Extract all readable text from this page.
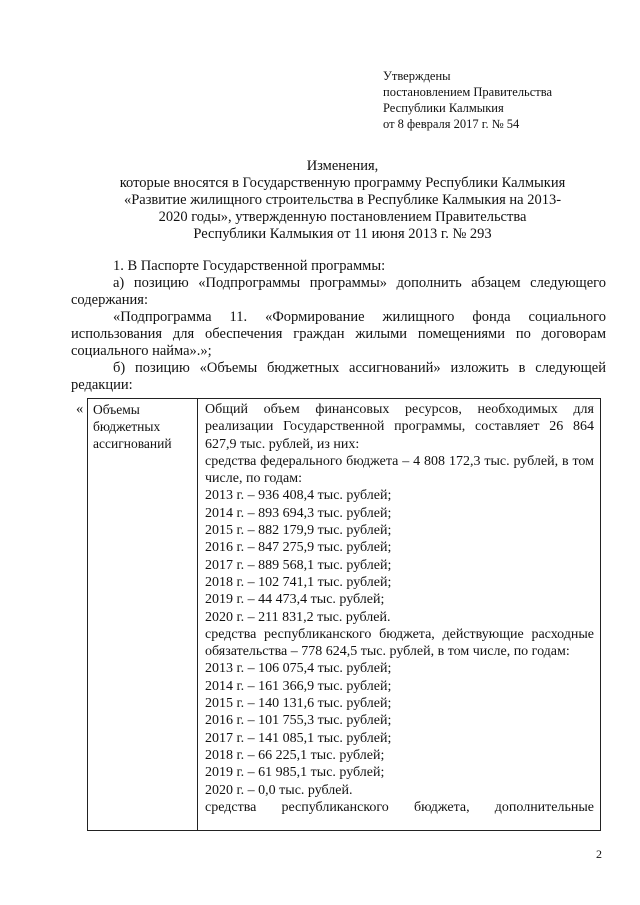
Утверждены
постановлением Правительства
Республики Калмыкия
от 8 февраля 2017 г. № 54
Изменения,
которые вносятся в Государственную программу Республики Калмыкия
«Развитие жилищного строительства в Республике Калмыкия на 2013-
2020 годы», утвержденную постановлением Правительства
Республики Калмыкия от 11 июня 2013 г. № 293
1. В Паспорте Государственной программы:
а) позицию «Подпрограммы программы» дополнить абзацем следующего содержания:
«Подпрограмма 11. «Формирование жилищного фонда социального использования для обеспечения граждан жилыми помещениями по договорам социального найма».»;
б) позицию «Объемы бюджетных ассигнований» изложить в следующей редакции:
« Объемы бюджетных ассигнований
Общий объем финансовых ресурсов, необходимых для реализации Государственной программы, составляет 26 864 627,9 тыс. рублей, из них:
средства федерального бюджета – 4 808 172,3 тыс. рублей, в том числе, по годам:
2013 г. – 936 408,4 тыс. рублей;
2014 г. – 893 694,3 тыс. рублей;
2015 г. – 882 179,9 тыс. рублей;
2016 г. – 847 275,9 тыс. рублей;
2017 г. – 889 568,1 тыс. рублей;
2018 г. – 102 741,1 тыс. рублей;
2019 г. – 44 473,4 тыс. рублей;
2020 г. – 211 831,2 тыс. рублей.
средства республиканского бюджета, действующие расходные обязательства – 778 624,5 тыс. рублей, в том числе, по годам:
2013 г. – 106 075,4 тыс. рублей;
2014 г. – 161 366,9 тыс. рублей;
2015 г. – 140 131,6 тыс. рублей;
2016 г. – 101 755,3 тыс. рублей;
2017 г. – 141 085,1 тыс. рублей;
2018 г. – 66 225,1 тыс. рублей;
2019 г. – 61 985,1 тыс. рублей;
2020 г. – 0,0 тыс. рублей.
средства республиканского бюджета, дополнительные
2
